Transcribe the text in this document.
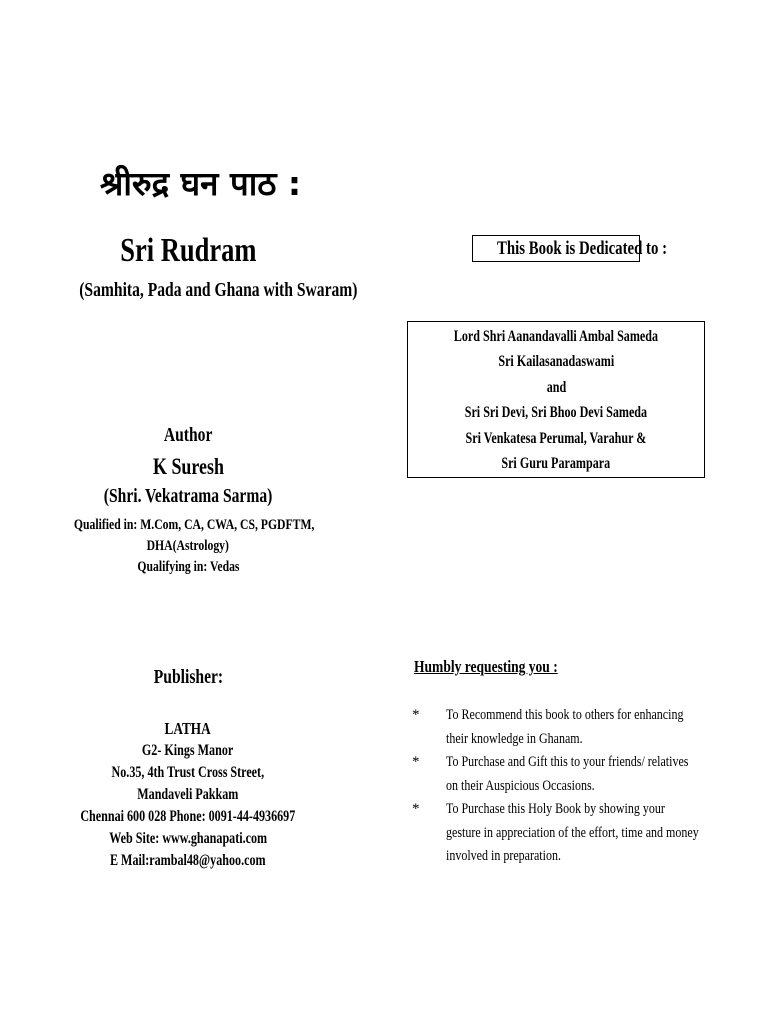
श्रीरुद्र घन पाठ :
Sri Rudram
(Samhita, Pada and Ghana with Swaram)
Author
K Suresh
(Shri. Vekatrama Sarma)
Qualified in: M.Com, CA, CWA, CS, PGDFTM,
DHA(Astrology)
Qualifying in: Vedas
Publisher:
LATHA
G2- Kings Manor
No.35, 4th Trust Cross Street,
Mandaveli Pakkam
Chennai 600 028 Phone: 0091-44-4936697
Web Site: www.ghanapati.com
E Mail:rambal48@yahoo.com
This Book is Dedicated to :
Lord Shri Aanandavalli Ambal Sameda
Sri Kailasanadaswami
and
Sri Sri Devi, Sri Bhoo Devi Sameda
Sri Venkatesa Perumal, Varahur &
Sri Guru Parampara
Humbly requesting you :
* To Recommend this book to others for enhancing
their knowledge in Ghanam.
* To Purchase and Gift this to your friends/ relatives
on their Auspicious Occasions.
* To Purchase this Holy Book by showing your
gesture in appreciation of the effort, time and money
involved in preparation.
